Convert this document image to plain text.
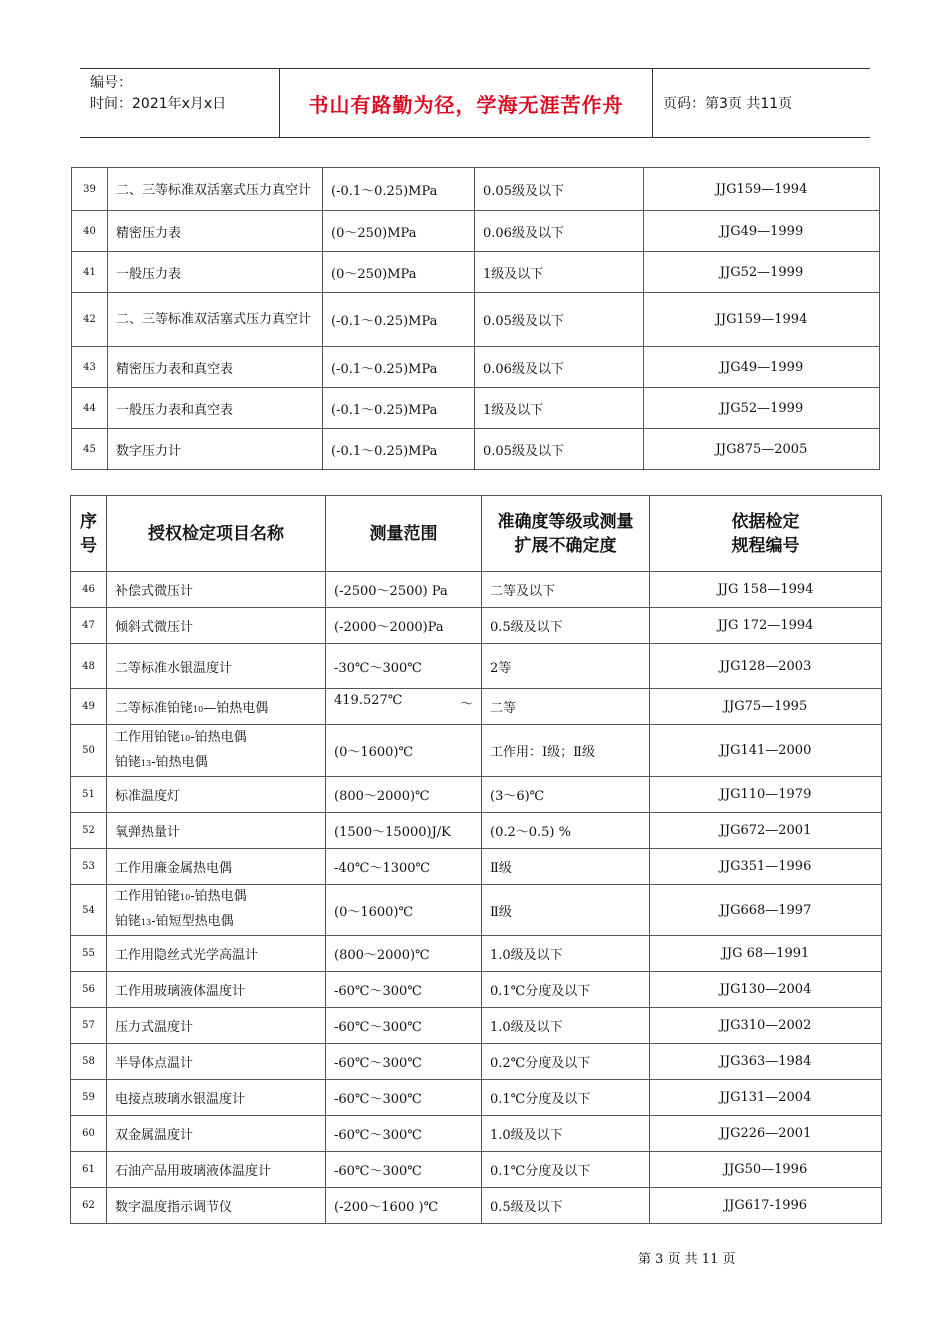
编号：
时间：2021年x月x日	书山有路勤为径，学海无涯苦作舟	页码：第3页 共11页
39	二、三等标准双活塞式压力真空计	(-0.1～0.25)MPa	0.05级及以下	JJG159—1994
40	精密压力表	(0～250)MPa	0.06级及以下	JJG49—1999
41	一般压力表	(0～250)MPa	1级及以下	JJG52—1999
42	二、三等标准双活塞式压力真空计	(-0.1～0.25)MPa	0.05级及以下	JJG159—1994
43	精密压力表和真空表	(-0.1～0.25)MPa	0.06级及以下	JJG49—1999
44	一般压力表和真空表	(-0.1～0.25)MPa	1级及以下	JJG52—1999
45	数字压力计	(-0.1～0.25)MPa	0.05级及以下	JJG875—2005
序号	授权检定项目名称	测量范围	准确度等级或测量扩展不确定度	依据检定
规程编号

46	补偿式微压计	(-2500～2500) Pa	二等及以下	JJG 158—1994
47	倾斜式微压计	(-2000～2000)Pa	0.5级及以下	JJG 172—1994
48	二等标准水银温度计	-30℃～300℃	2等	JJG128—2003
49	二等标准铂铑10—铂热电偶	419.527℃ ～	二等	JJG75—1995
50	工作用铂铑10-铂热电偶
铂铑13-铂热电偶	(0～1600)℃	工作用：Ⅰ级；Ⅱ级	JJG141—2000
51	标准温度灯	(800～2000)℃	(3～6)℃	JJG110—1979
52	氧弹热量计	(1500～15000)J/K	(0.2～0.5) %	JJG672—2001
53	工作用廉金属热电偶	-40℃～1300℃	Ⅱ级	JJG351—1996
54	工作用铂铑10-铂热电偶
铂铑13-铂短型热电偶	(0～1600)℃	Ⅱ级	JJG668—1997
55	工作用隐丝式光学高温计	(800～2000)℃	1.0级及以下	JJG 68—1991
56	工作用玻璃液体温度计	-60℃～300℃	0.1℃分度及以下	JJG130—2004
57	压力式温度计	-60℃～300℃	1.0级及以下	JJG310—2002
58	半导体点温计	-60℃～300℃	0.2℃分度及以下	JJG363—1984
59	电接点玻璃水银温度计	-60℃～300℃	0.1℃分度及以下	JJG131—2004
60	双金属温度计	-60℃～300℃	1.0级及以下	JJG226—2001
61	石油产品用玻璃液体温度计	-60℃～300℃	0.1℃分度及以下	JJG50—1996
62	数字温度指示调节仪	(-200～1600 )℃	0.5级及以下	JJG617-1996
第 3 页 共 11 页
